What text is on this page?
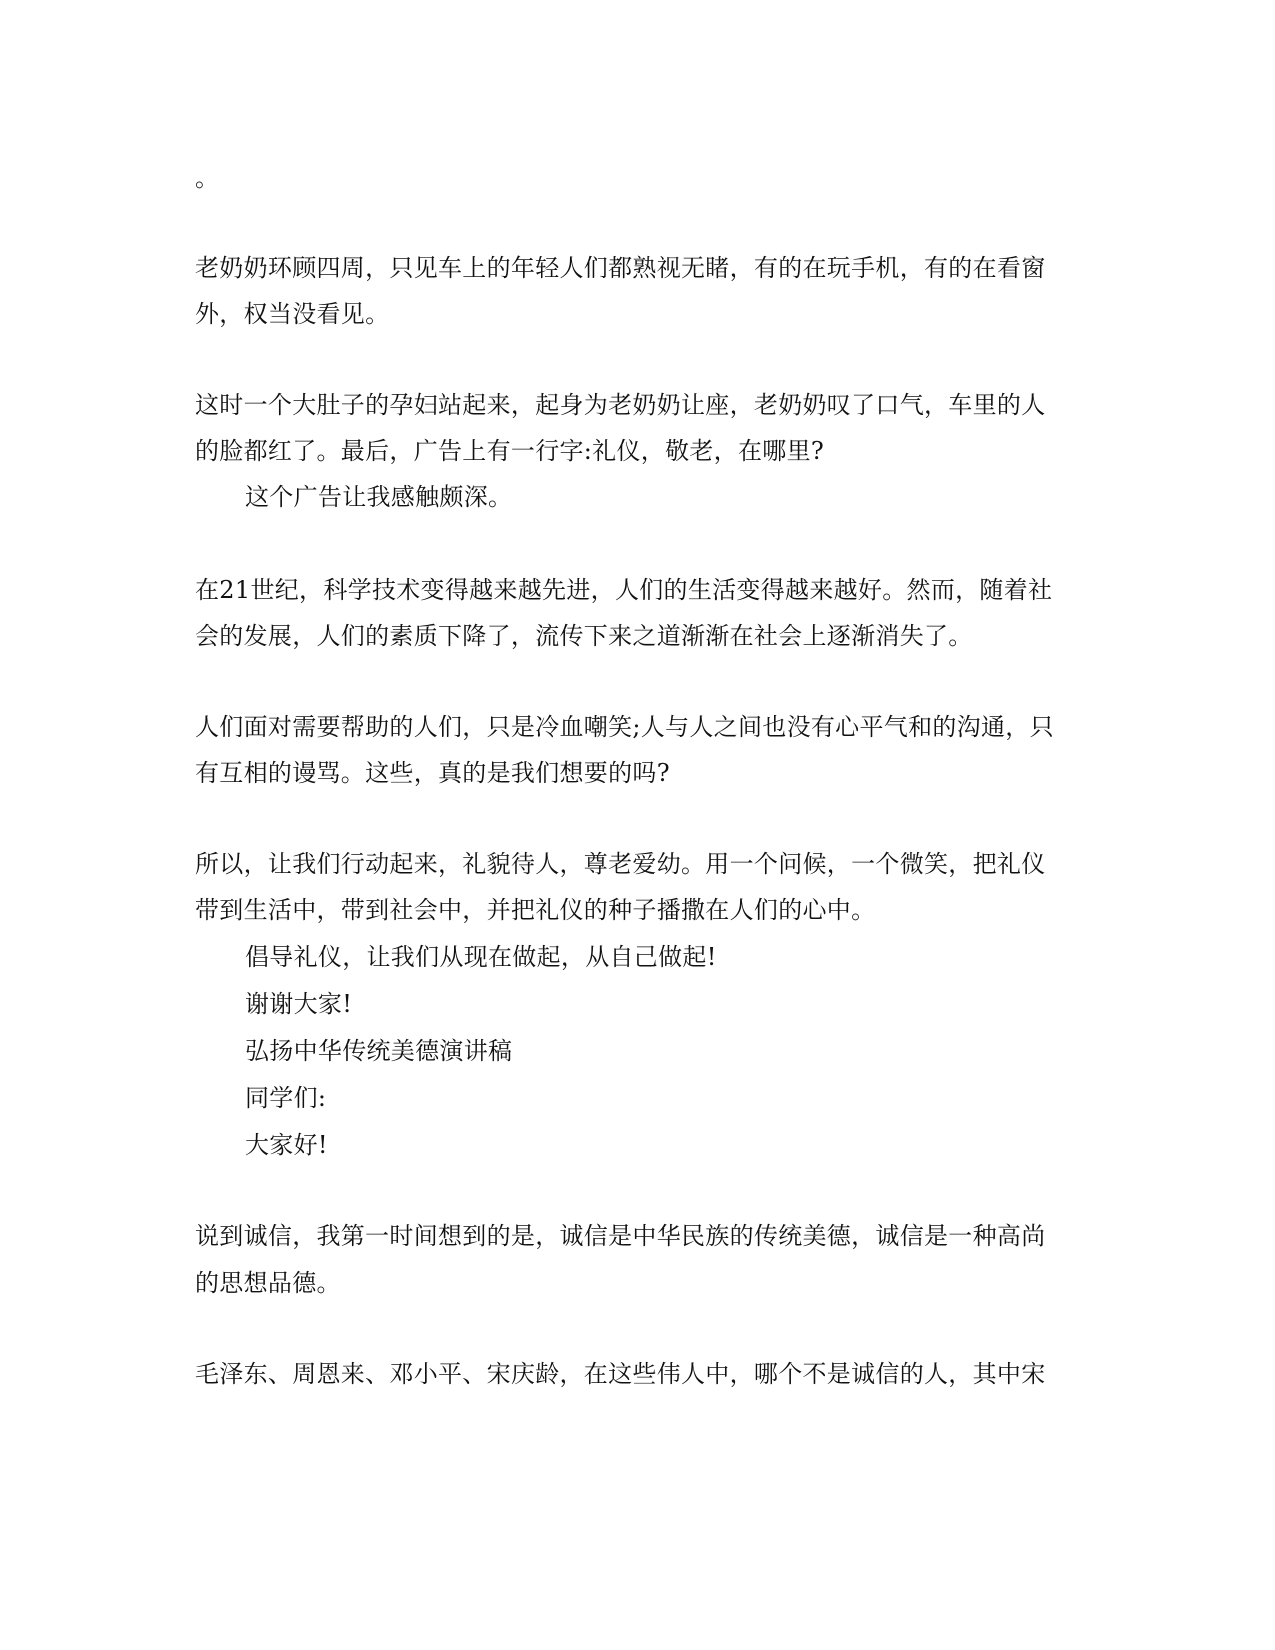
。
老奶奶环顾四周，只见车上的年轻人们都熟视无睹，有的在玩手机，有的在看窗
外，权当没看见。
这时一个大肚子的孕妇站起来，起身为老奶奶让座，老奶奶叹了口气，车里的人
的脸都红了。最后，广告上有一行字:礼仪，敬老，在哪里?
这个广告让我感触颇深。
在21世纪，科学技术变得越来越先进，人们的生活变得越来越好。然而，随着社
会的发展，人们的素质下降了，流传下来之道渐渐在社会上逐渐消失了。
人们面对需要帮助的人们，只是冷血嘲笑;人与人之间也没有心平气和的沟通，只
有互相的谩骂。这些，真的是我们想要的吗?
所以，让我们行动起来，礼貌待人，尊老爱幼。用一个问候，一个微笑，把礼仪
带到生活中，带到社会中，并把礼仪的种子播撒在人们的心中。
倡导礼仪，让我们从现在做起，从自己做起!
谢谢大家!
弘扬中华传统美德演讲稿
同学们:
大家好!
说到诚信，我第一时间想到的是，诚信是中华民族的传统美德，诚信是一种高尚
的思想品德。
毛泽东、周恩来、邓小平、宋庆龄，在这些伟人中，哪个不是诚信的人，其中宋
